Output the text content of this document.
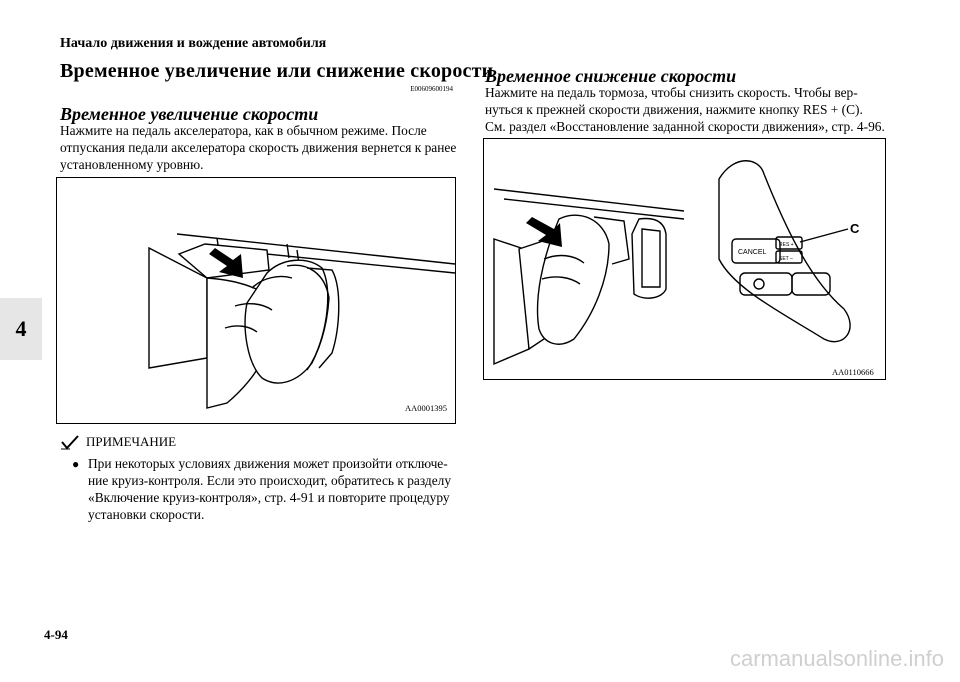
Начало движения и вождение автомобиля
4
Временное увеличение или снижение скорости
E00609600194
Временное увеличение скорости
Нажмите на педаль акселератора, как в обычном режиме. После
отпускания педали акселератора скорость движения вернется к ранее
установленному уровню.
AA0001395
ПРИМЕЧАНИЕ
● При некоторых условиях движения может произойти отключе-
ние круиз-контроля. Если это происходит, обратитесь к разделу
«Включение круиз-контроля», стр. 4-91 и повторите процедуру
установки скорости.
Временное снижение скорости
Нажмите на педаль тормоза, чтобы снизить скорость. Чтобы вер-
нуться к прежней скорости движения, нажмите кнопку RES + (C).
См. раздел «Восстановление заданной скорости движения», стр. 4-96.
CANCEL
RES +
SET –
C
AA0110666
4-94
carmanualsonline.info
